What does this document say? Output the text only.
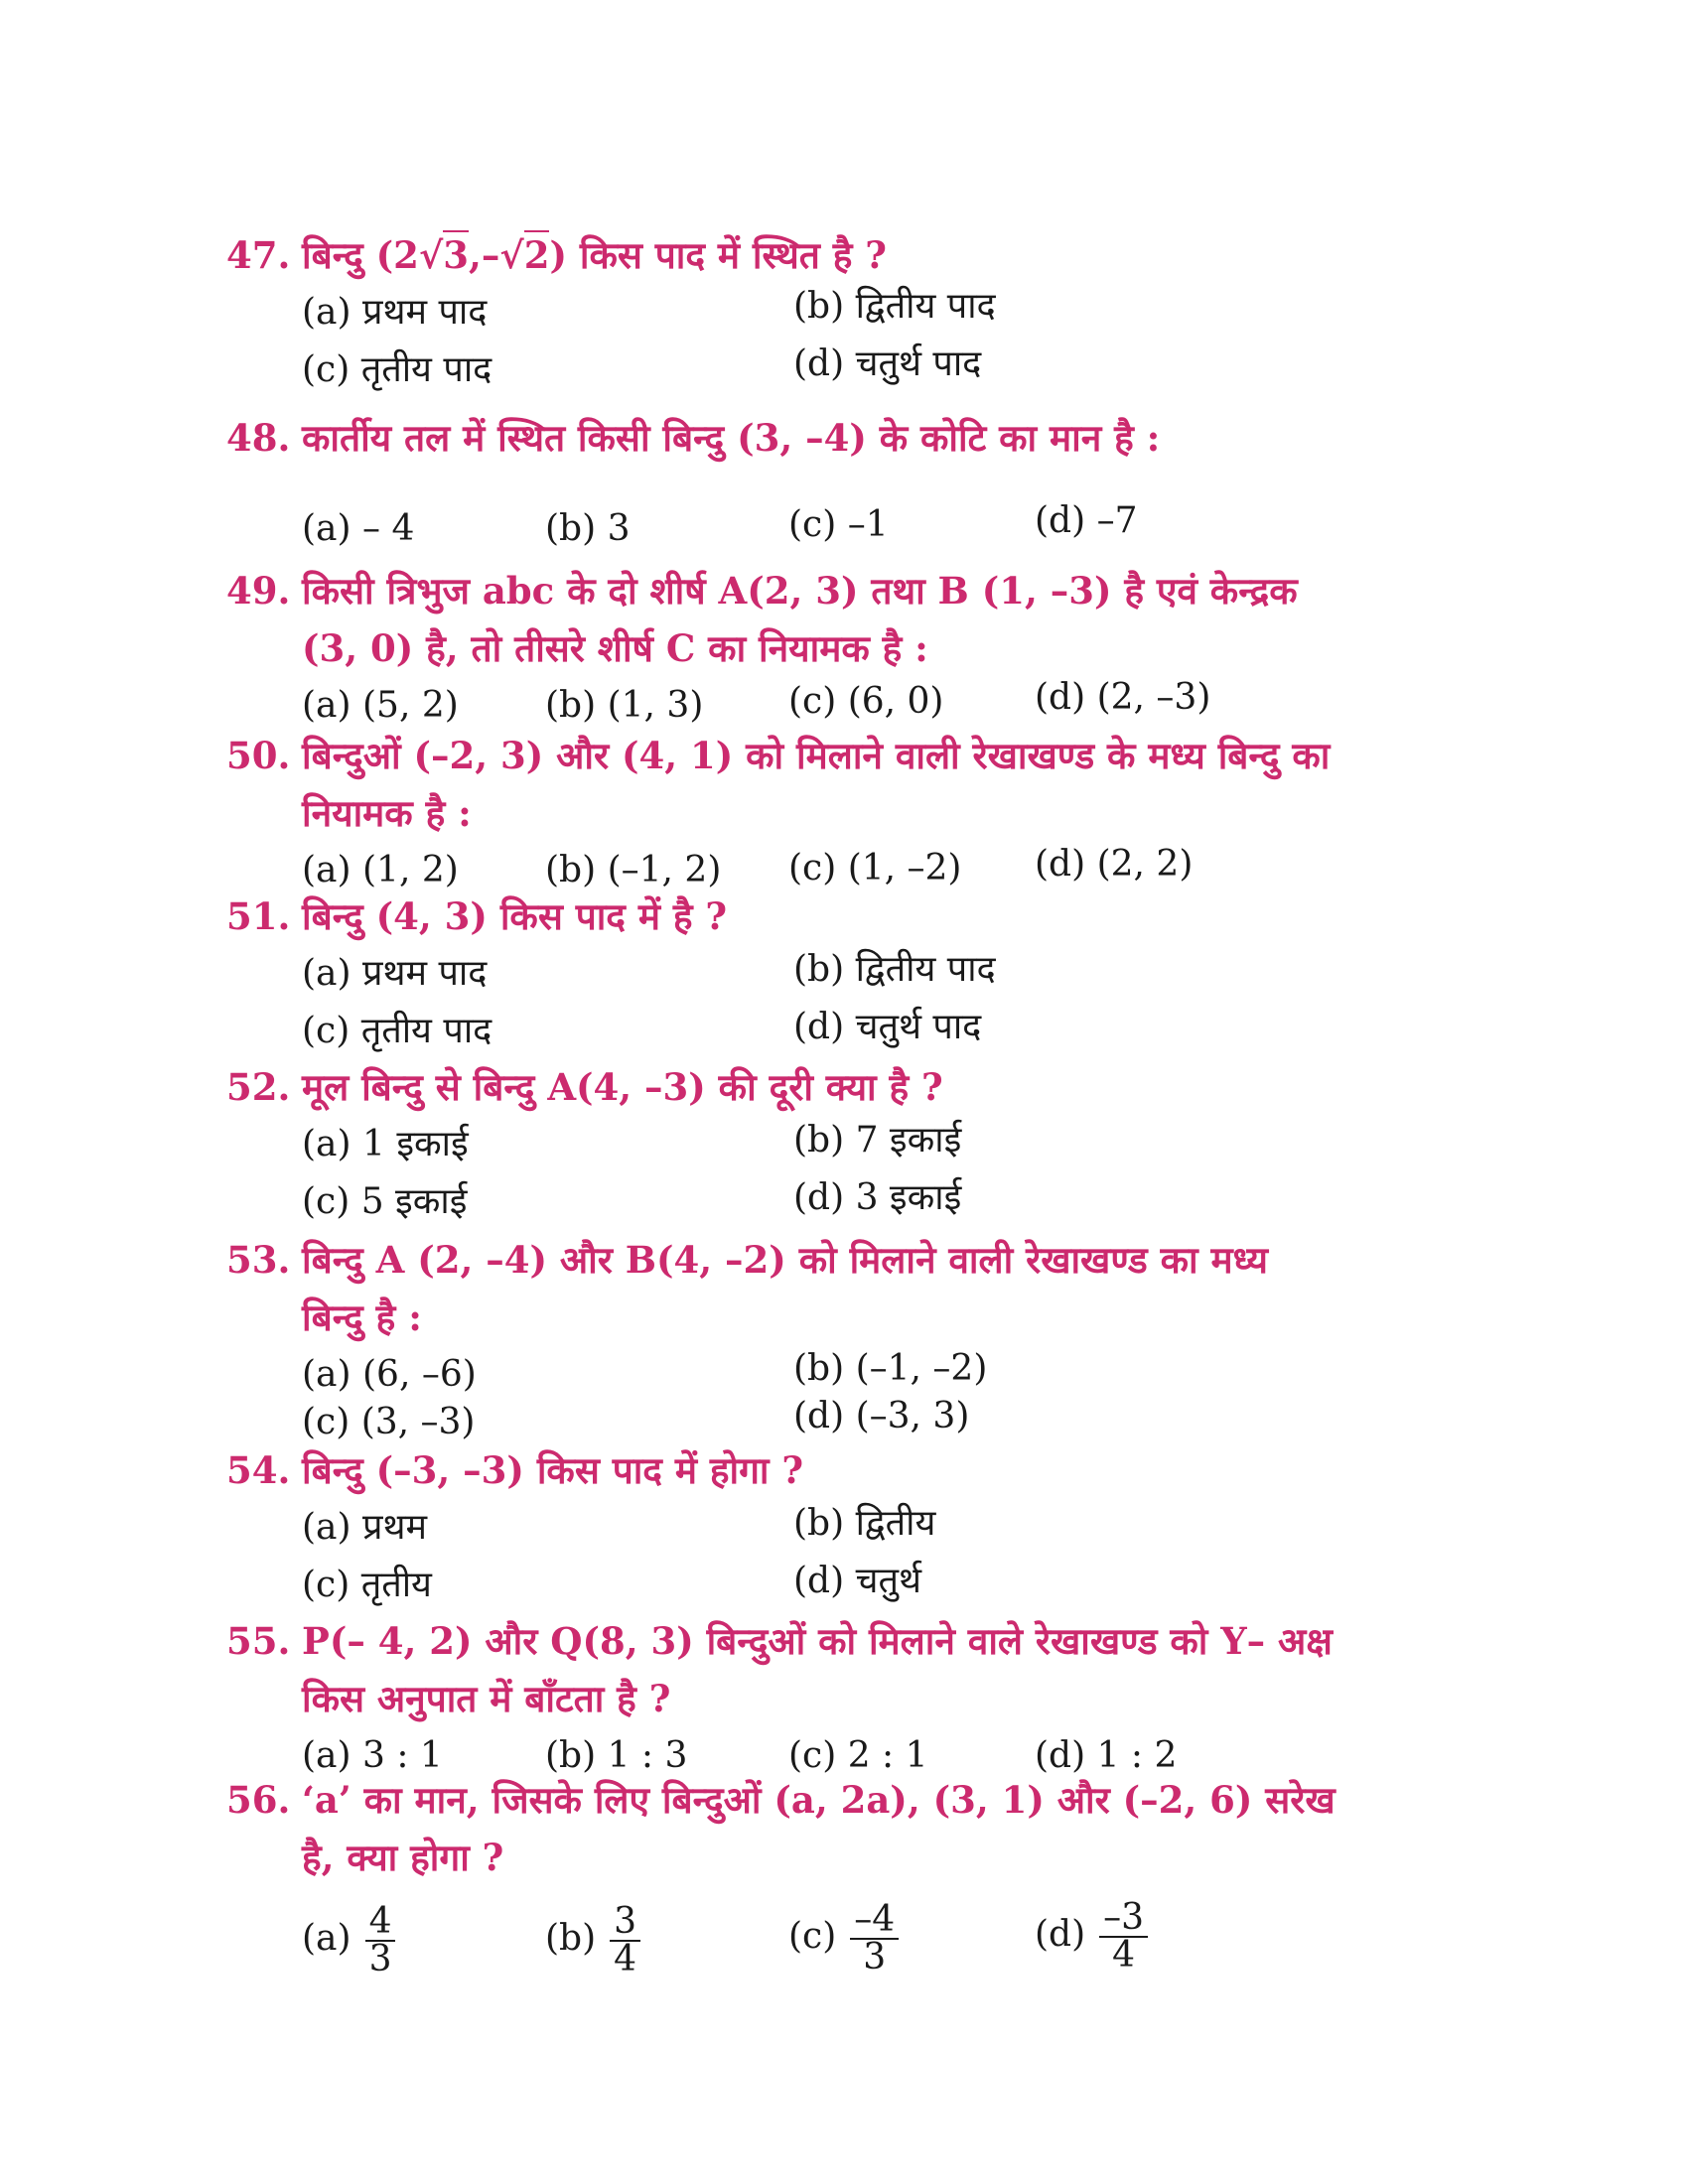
47. बिन्दु (2√3,–√2) किस पाद में स्थित है ?
(a) प्रथम पाद	(b) द्वितीय पाद
(c) तृतीय पाद	(d) चतुर्थ पाद
48. कार्तीय तल में स्थित किसी बिन्दु (3, –4) के कोटि का मान है :
(a) – 4	(b) 3	(c) –1	(d) –7
49. किसी त्रिभुज abc के दो शीर्ष A(2, 3) तथा B (1, –3) है एवं केन्द्रक (3, 0) है, तो तीसरे शीर्ष C का नियामक है :
(a) (5, 2) (b) (1, 3) (c) (6, 0)	(d) (2, –3)
50. बिन्दुओं (–2, 3) और (4, 1) को मिलाने वाली रेखाखण्ड के मध्य बिन्दु का नियामक है :
(a) (1, 2) (b) (–1, 2) (c) (1, –2) (d) (2, 2)
51. बिन्दु (4, 3) किस पाद में है ?
(a) प्रथम पाद	(b) द्वितीय पाद
(c) तृतीय पाद	(d) चतुर्थ पाद
52. मूल बिन्दु से बिन्दु A(4, –3) की दूरी क्या है ?
(a) 1 इकाई	(b) 7 इकाई
(c) 5 इकाई	(d) 3 इकाई
53. बिन्दु A (2, –4) और B(4, –2) को मिलाने वाली रेखाखण्ड का मध्य बिन्दु है :
(a) (6, –6)	(b) (–1, –2)
(c) (3, –3)	(d) (–3, 3)
54. बिन्दु (–3, –3) किस पाद में होगा ?
(a) प्रथम	(b) द्वितीय
(c) तृतीय	(d) चतुर्थ
55. P(– 4, 2) और Q(8, 3) बिन्दुओं को मिलाने वाले रेखाखण्ड को Y– अक्ष किस अनुपात में बाँटता है ?
(a) 3 : 1	(b) 1 : 3	(c) 2 : 1	(d) 1 : 2
56. ‘a’ का मान, जिसके लिए बिन्दुओं (a, 2a), (3, 1) और (–2, 6) सरेख है, क्या होगा ?
$(a) \frac{4}{3}$	$(b) \frac{3}{4}$	$(c) \frac{-4}{3}$	$(d) \frac{-3}{4}$
